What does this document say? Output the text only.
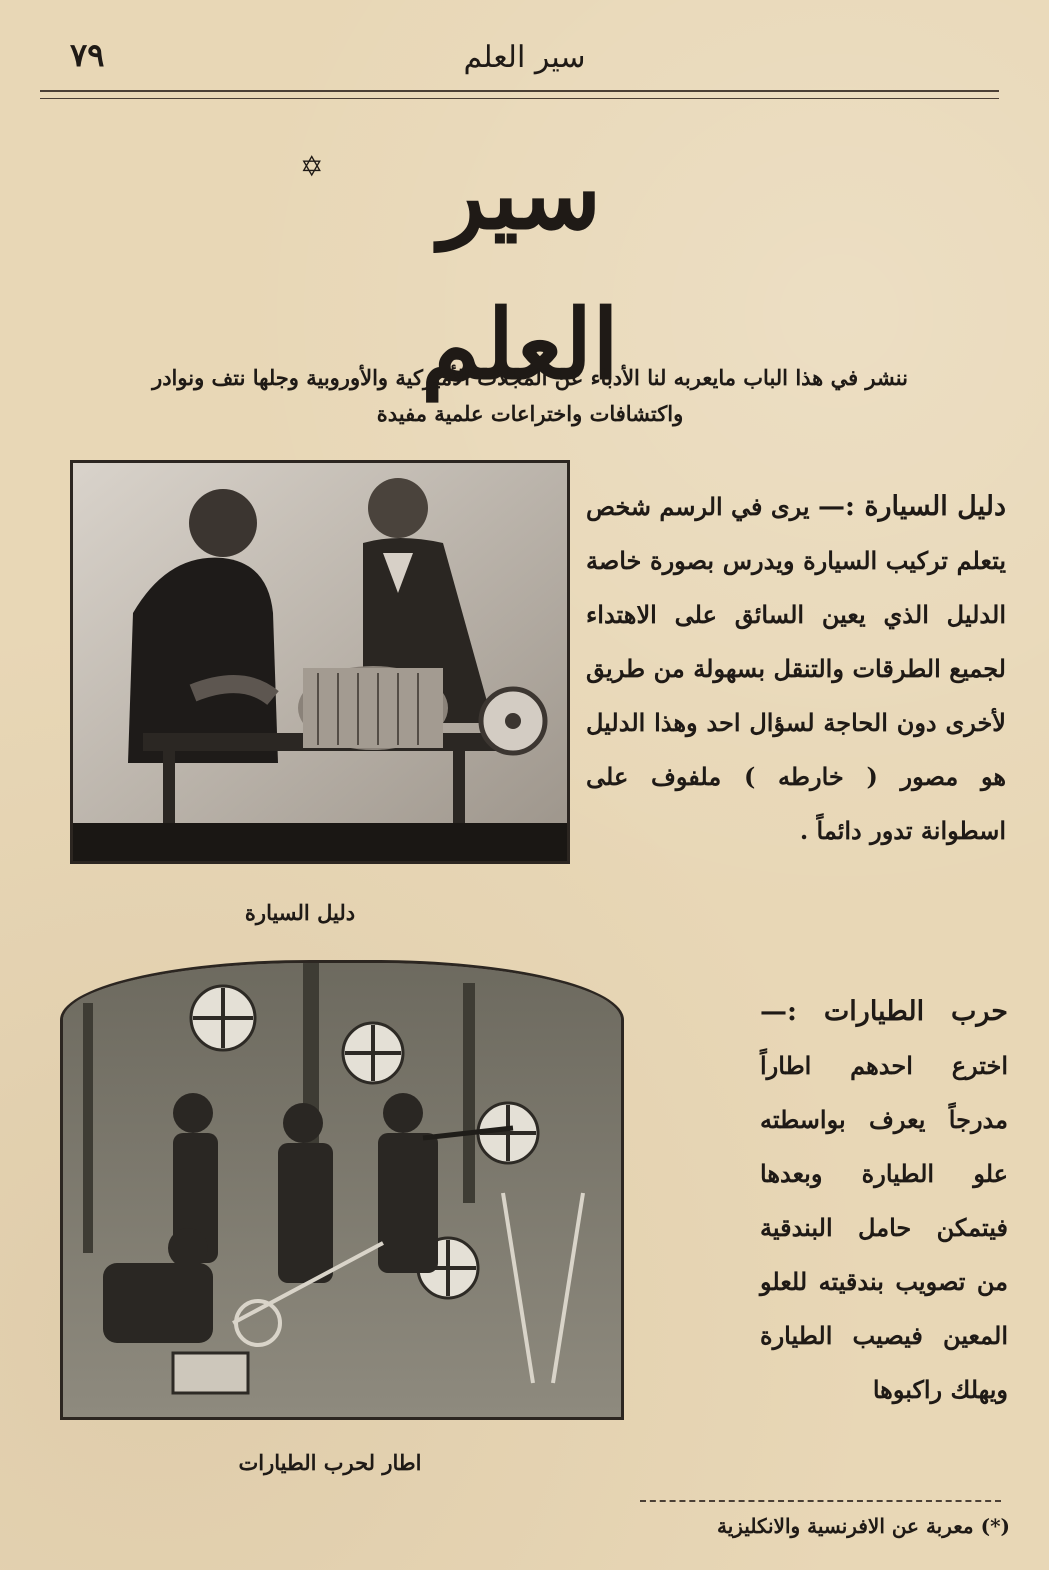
٧٩	سير العلم
✡	سير العلم
ننشر في هذا الباب مايعربه لنا الأدباء عن المجلات الأميركية والأوروبية وجلها نتف ونوادر واكتشافات واختراعات علمية مفيدة
دليل السيارة
دليل السيارة :— يرى في الرسم شخص يتعلم تركيب السيارة ويدرس بصورة خاصة الدليل الذي يعين السائق على الاهتداء لجميع الطرقات والتنقل بسهولة من طريق لأخرى دون الحاجة لسؤال احد وهذا الدليل هو مصور ( خارطه ) ملفوف على اسطوانة تدور دائماً .
اطار لحرب الطيارات
حرب الطيارات :— اخترع احدهم اطاراً مدرجاً يعرف بواسطته علو الطيارة وبعدها فيتمكن حامل البندقية من تصويب بندقيته للعلو المعين فيصيب الطيارة ويهلك راكبوها
(*) معربة عن الافرنسية والانكليزية
